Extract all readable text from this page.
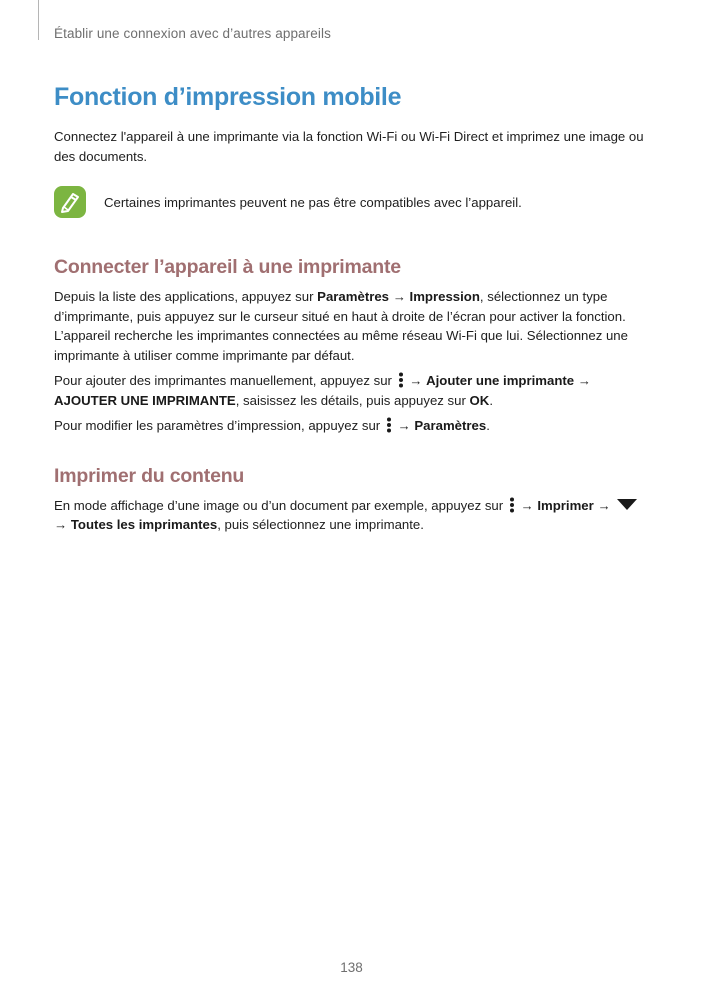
Établir une connexion avec d’autres appareils
Fonction d’impression mobile

Connectez l'appareil à une imprimante via la fonction Wi-Fi ou Wi-Fi Direct et imprimez une image ou des documents.

Certaines imprimantes peuvent ne pas être compatibles avec l’appareil.
Connecter l’appareil à une imprimante

Depuis la liste des applications, appuyez sur Paramètres → Impression, sélectionnez un type d’imprimante, puis appuyez sur le curseur situé en haut à droite de l’écran pour activer la fonction. L’appareil recherche les imprimantes connectées au même réseau Wi-Fi que lui. Sélectionnez une imprimante à utiliser comme imprimante par défaut.

Pour ajouter des imprimantes manuellement, appuyez sur
→ Ajouter une imprimante → AJOUTER UNE IMPRIMANTE, saisissez les détails, puis appuyez sur OK.

Pour modifier les paramètres d’impression, appuyez sur
→ Paramètres.

Imprimer du contenu

En mode affichage d’une image ou d’un document par exemple, appuyez sur
→ Imprimer →

→ Toutes les imprimantes, puis sélectionnez une imprimante.

138
